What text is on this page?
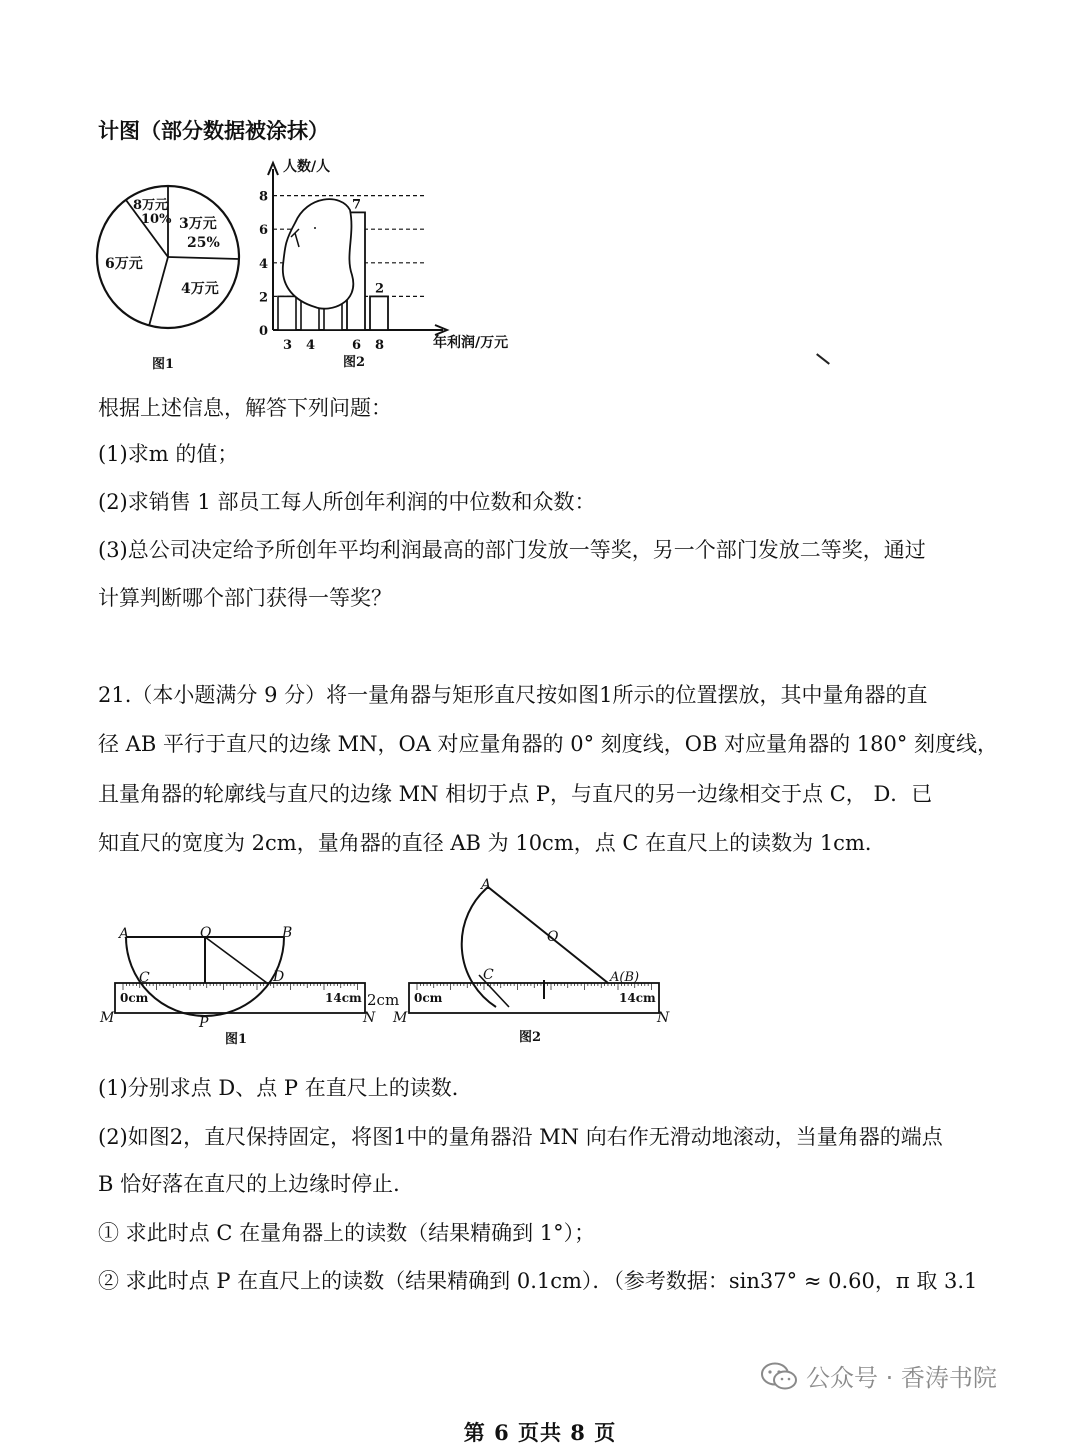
计图（部分数据被涂抹）
8万元
10% 3万元
25%
6万元
4万元
图1
人数/人
年利润/万元
0
2
4
6
8
7
2
3 4	6 8
图2
根据上述信息，解答下列问题：
(1)求m 的值；
(2)求销售 1 部员工每人所创年利润的中位数和众数：
(3)总公司决定给予所创年平均利润最高的部门发放一等奖，另一个部门发放二等奖，通过
计算判断哪个部门获得一等奖？
21.（本小题满分 9 分）将一量角器与矩形直尺按如图1所示的位置摆放，其中量角器的直
径 AB 平行于直尺的边缘 MN，OA 对应量角器的 0° 刻度线，OB 对应量角器的 180° 刻度线，
且量角器的轮廓线与直尺的边缘 MN 相切于点 P，与直尺的另一边缘相交于点 C， D．已
知直尺的宽度为 2cm，量角器的直径 AB 为 10cm，点 C 在直尺上的读数为 1cm．
A	O	B
C	D
0cm	14cm 2cm
M	N
P
图1
A
O
C	A(B)
0cm	14cm
M	N
图2
(1)分别求点 D、点 P 在直尺上的读数．
(2)如图2，直尺保持固定，将图1中的量角器沿 MN 向右作无滑动地滚动，当量角器的端点
B 恰好落在直尺的上边缘时停止．
① 求此时点 C 在量角器上的读数（结果精确到 1°）；
② 求此时点 P 在直尺上的读数（结果精确到 0.1cm）．（参考数据：sin37° ≈ 0.60，π 取 3.1
公众号 · 香涛书院
第 6 页共 8 页
